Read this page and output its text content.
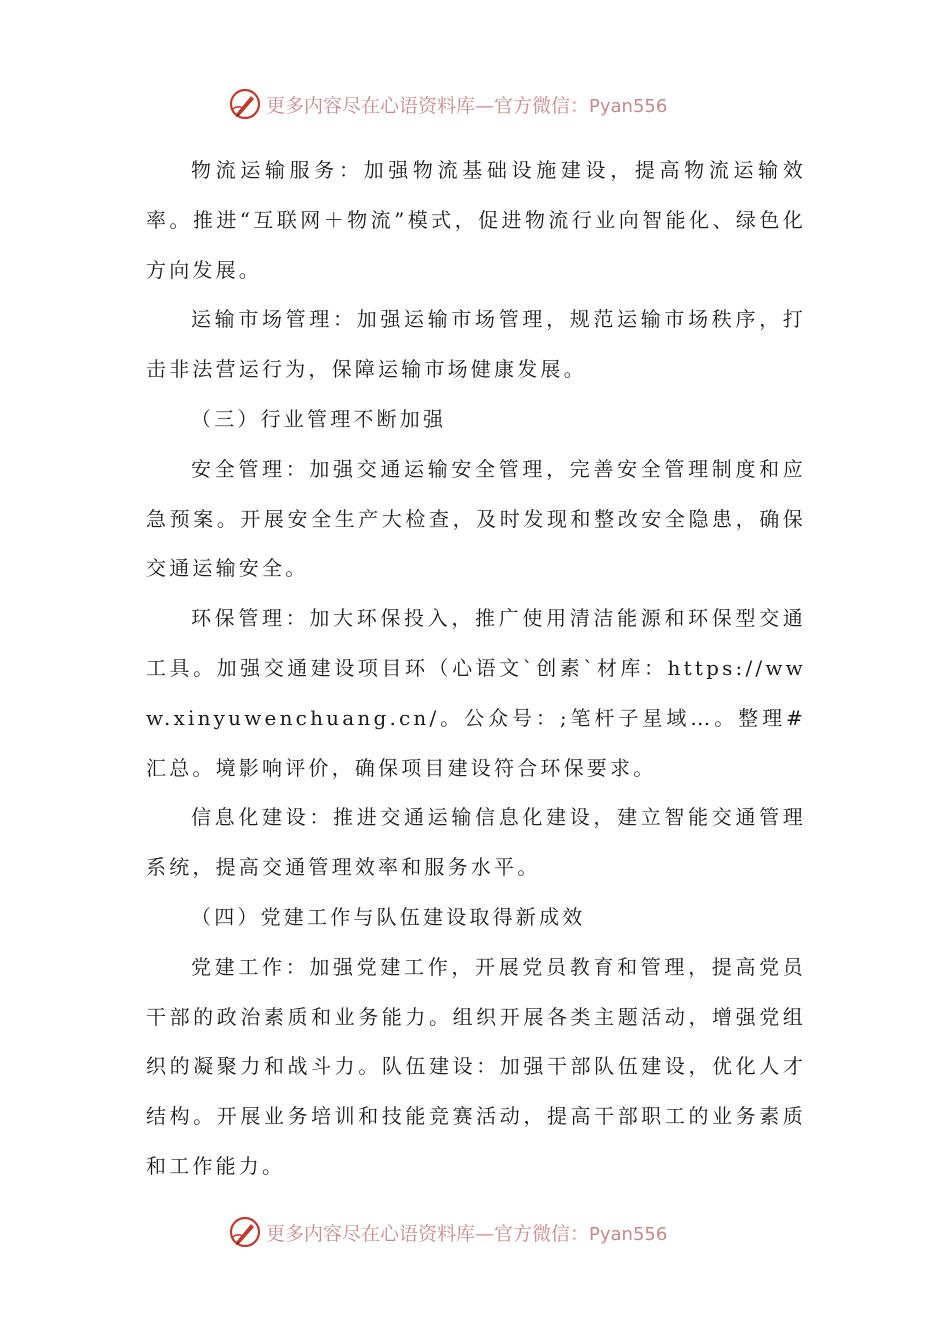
更多内容尽在心语资料库—官方微信：Pyan556

物流运输服务：加强物流基础设施建设，提高物流运输效率。推进“互联网＋物流”模式，促进物流行业向智能化、绿色化方向发展。

运输市场管理：加强运输市场管理，规范运输市场秩序，打击非法营运行为，保障运输市场健康发展。

（三）行业管理不断加强

安全管理：加强交通运输安全管理，完善安全管理制度和应急预案。开展安全生产大检查，及时发现和整改安全隐患，确保交通运输安全。

环保管理：加大环保投入，推广使用清洁能源和环保型交通工具。加强交通建设项目环（心语文`创素`材库：https://www.xinyuwenchuang.cn/。公众号：;笔杆子星域…。整理#汇总。境影响评价，确保项目建设符合环保要求。

信息化建设：推进交通运输信息化建设，建立智能交通管理系统，提高交通管理效率和服务水平。

（四）党建工作与队伍建设取得新成效

党建工作：加强党建工作，开展党员教育和管理，提高党员干部的政治素质和业务能力。组织开展各类主题活动，增强党组织的凝聚力和战斗力。队伍建设：加强干部队伍建设，优化人才结构。开展业务培训和技能竞赛活动，提高干部职工的业务素质和工作能力。

更多内容尽在心语资料库—官方微信：Pyan556
